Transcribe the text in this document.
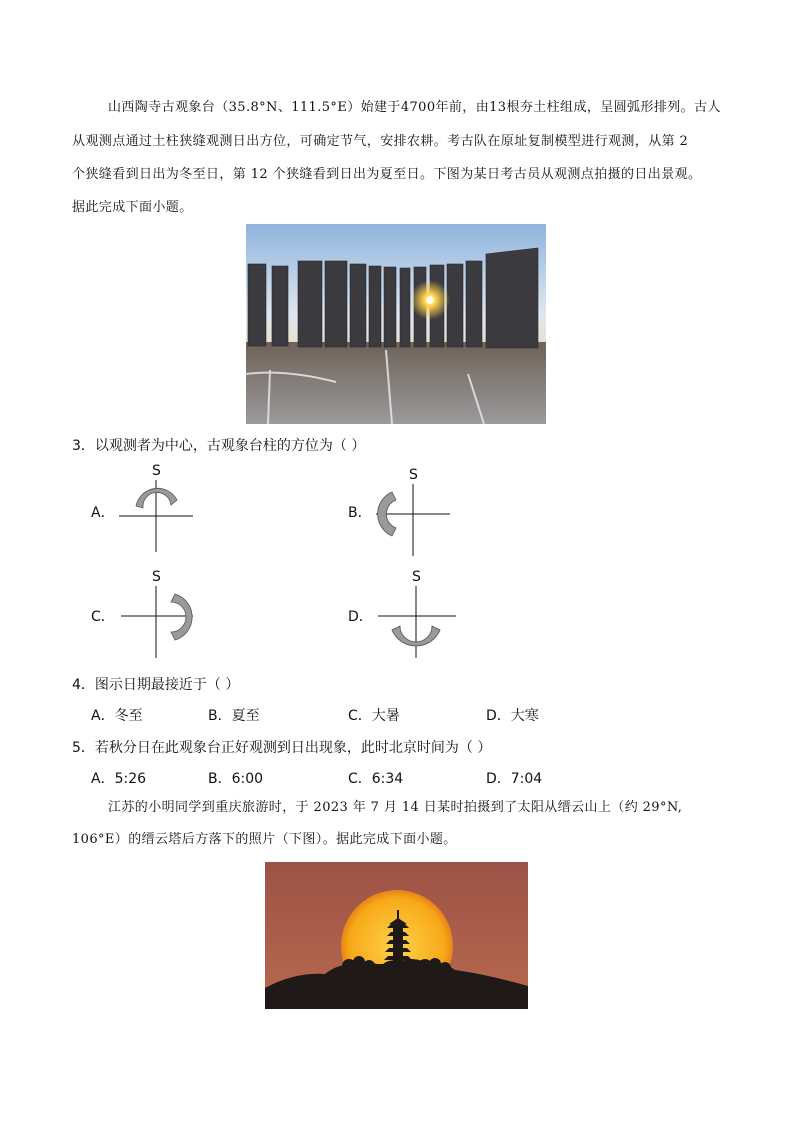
山西陶寺古观象台（35.8°N、111.5°E）始建于4700年前，由13根夯土柱组成，呈圆弧形排列。古人
从观测点通过土柱狭缝观测日出方位，可确定节气，安排农耕。考古队在原址复制模型进行观测，从第 2
个狭缝看到日出为冬至日，第 12 个狭缝看到日出为夏至日。下图为某日考古员从观测点拍摄的日出景观。
据此完成下面小题。
3．以观测者为中心，古观象台柱的方位为（ ）
A．
S
B．
S
C．
S
D．
S
4．图示日期最接近于（ ）
A．冬至	B．夏至	C．大暑	D．大寒
5．若秋分日在此观象台正好观测到日出现象，此时北京时间为（ ）
A．5:26	B．6:00	C．6:34	D．7:04
江苏的小明同学到重庆旅游时，于 2023 年 7 月 14 日某时拍摄到了太阳从缙云山上（约 29°N,
106°E）的缙云塔后方落下的照片（下图）。据此完成下面小题。
